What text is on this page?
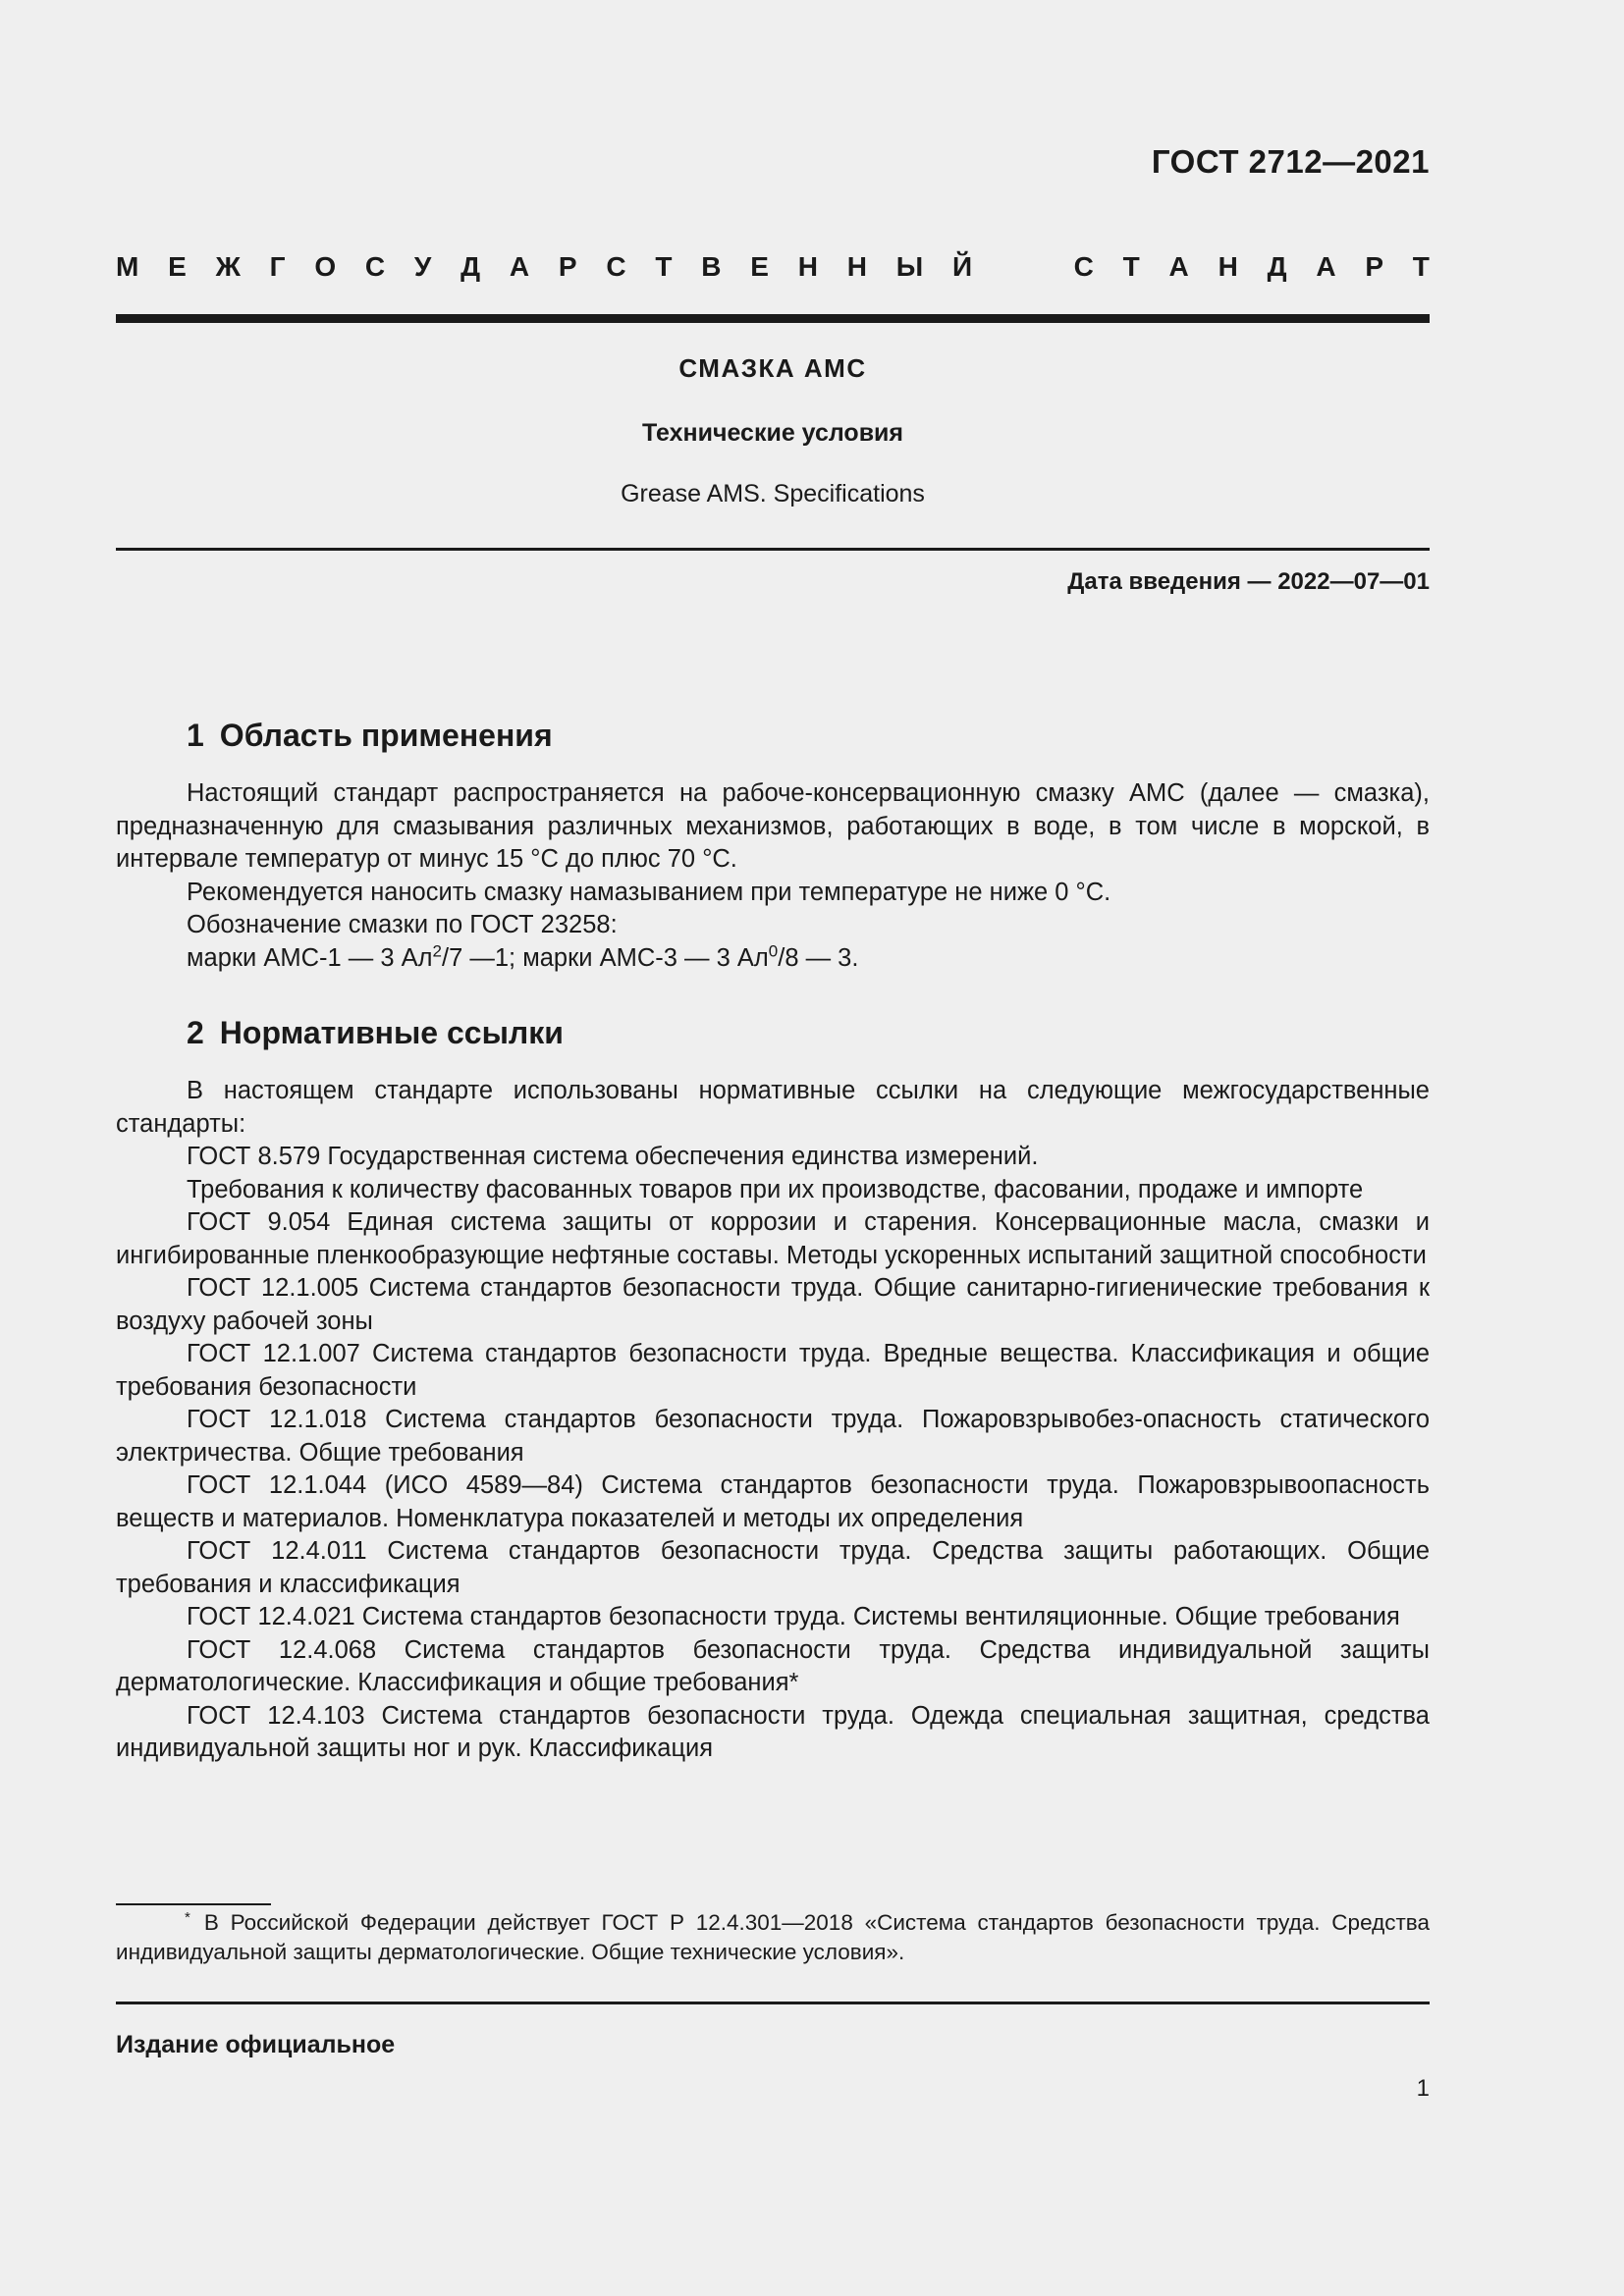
ГОСТ 2712—2021
М Е Ж Г О С У Д А Р С Т В Е Н Н Ы Й	С Т А Н Д А Р Т
СМАЗКА АМС
Технические условия
Grease AMS. Specifications
Дата введения — 2022—07—01
1 Область применения

Настоящий стандарт распространяется на рабоче-консервационную смазку АМС (далее — смазка), предназначенную для смазывания различных механизмов, работающих в воде, в том числе в морской, в интервале температур от минус 15 °С до плюс 70 °С.

Рекомендуется наносить смазку намазыванием при температуре не ниже 0 °С.

Обозначение смазки по ГОСТ 23258:

марки АМС-1 — 3 $Ал^2/7$ —1; марки АМС-3 — 3 $Ал^0/8$ — 3.

2 Нормативные ссылки

В настоящем стандарте использованы нормативные ссылки на следующие межгосударственные стандарты:

ГОСТ 8.579 Государственная система обеспечения единства измерений.

Требования к количеству фасованных товаров при их производстве, фасовании, продаже и импорте

ГОСТ 9.054 Единая система защиты от коррозии и старения. Консервационные масла, смазки и ингибированные пленкообразующие нефтяные составы. Методы ускоренных испытаний защитной способности

ГОСТ 12.1.005 Система стандартов безопасности труда. Общие санитарно-гигиенические требования к воздуху рабочей зоны

ГОСТ 12.1.007 Система стандартов безопасности труда. Вредные вещества. Классификация и общие требования безопасности

ГОСТ 12.1.018 Система стандартов безопасности труда. Пожаровзрывобез-опасность статического электричества. Общие требования

ГОСТ 12.1.044 (ИСО 4589—84) Система стандартов безопасности труда. Пожаровзрывоопасность веществ и материалов. Номенклатура показателей и методы их определения

ГОСТ 12.4.011 Система стандартов безопасности труда. Средства защиты работающих. Общие требования и классификация

ГОСТ 12.4.021 Система стандартов безопасности труда. Системы вентиляционные. Общие требования

ГОСТ 12.4.068 Система стандартов безопасности труда. Средства индивидуальной защиты дерматологические. Классификация и общие требования*

ГОСТ 12.4.103 Система стандартов безопасности труда. Одежда специальная защитная, средства индивидуальной защиты ног и рук. Классификация

* В Российской Федерации действует ГОСТ Р 12.4.301—2018 «Система стандартов безопасности труда. Средства индивидуальной защиты дерматологические. Общие технические условия».

Издание официальное
1
